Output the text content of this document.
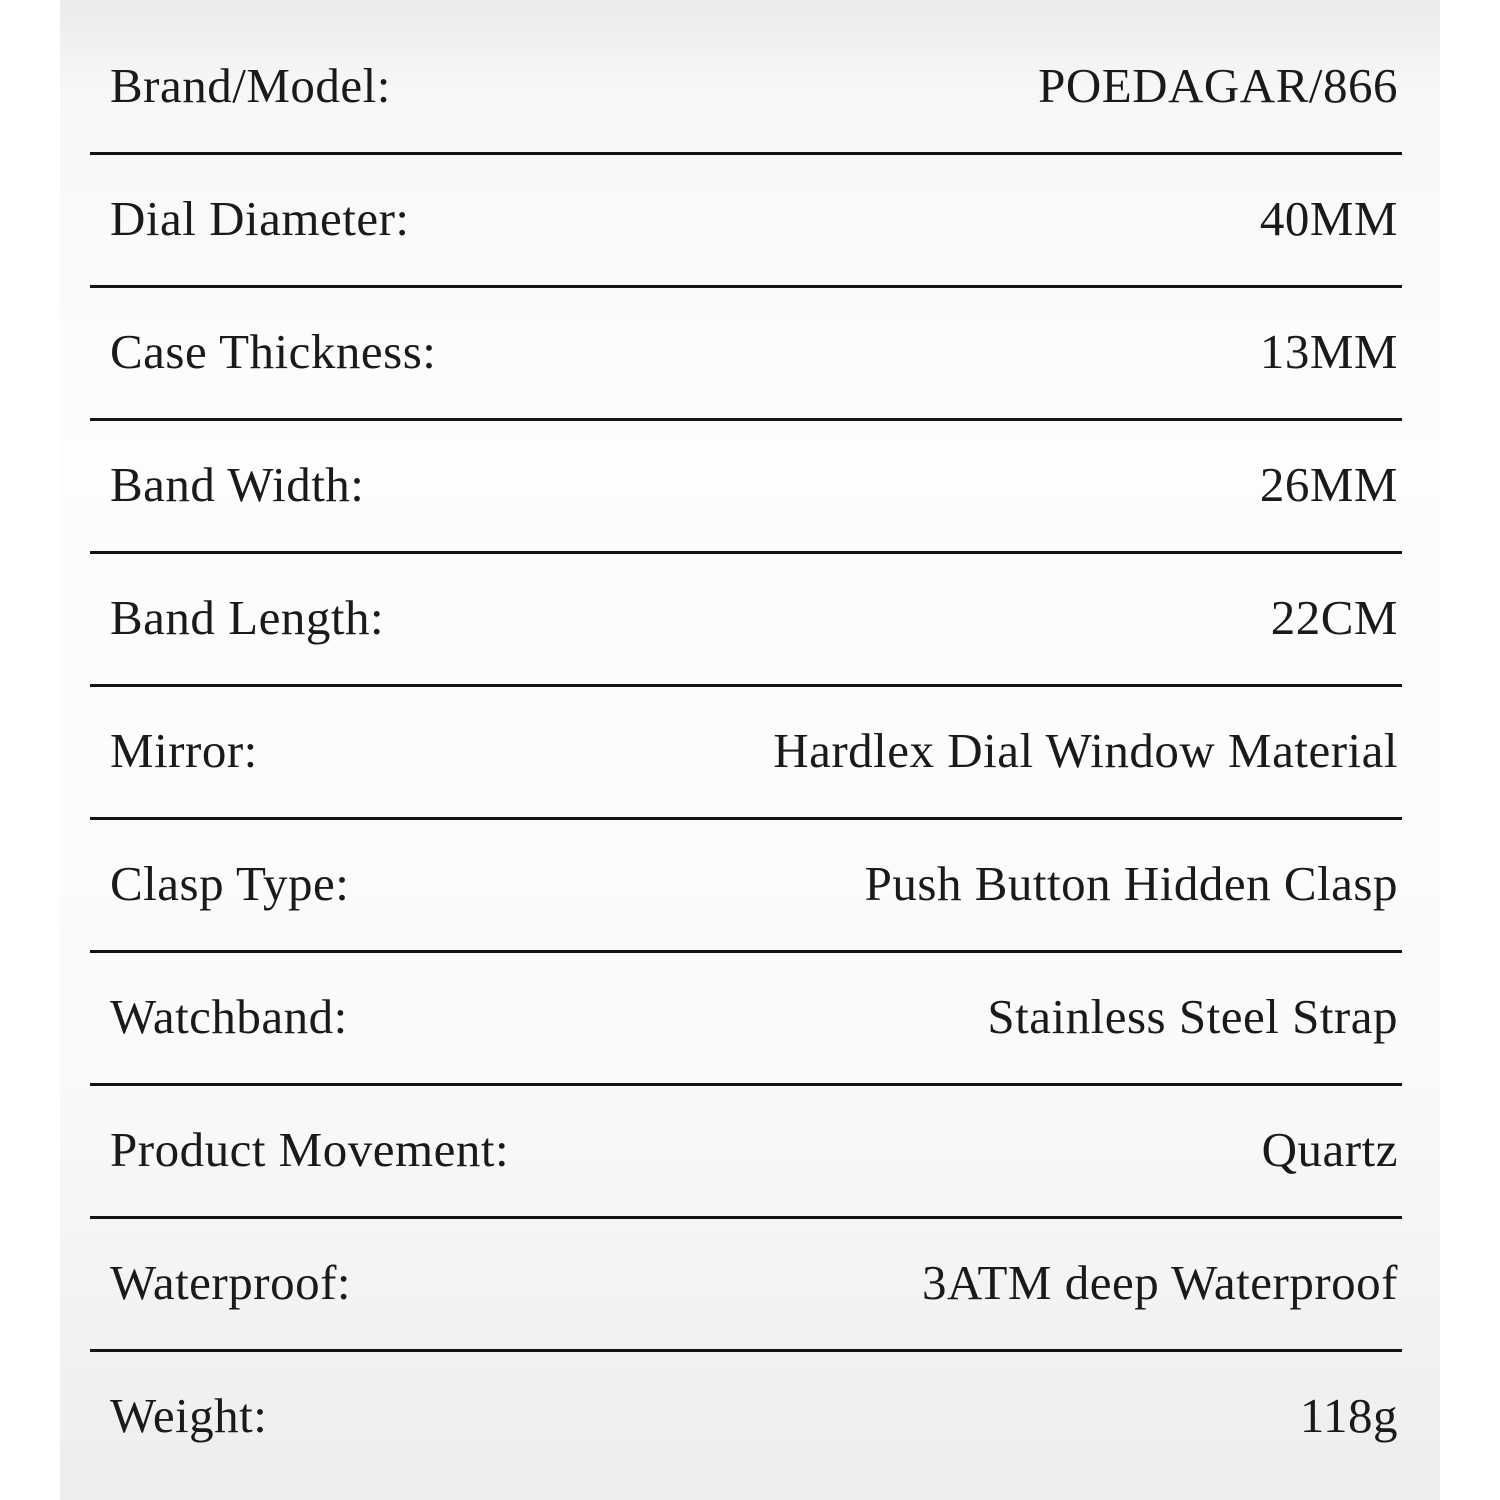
Brand/Model:	POEDAGAR/866
Dial Diameter:	40MM
Case Thickness:	13MM
Band Width:	26MM
Band Length:	22CM
Mirror:	Hardlex Dial Window Material
Clasp Type:	Push Button Hidden Clasp
Watchband:	Stainless Steel Strap
Product Movement:	Quartz
Waterproof:	3ATM deep Waterproof
Weight:	118g
